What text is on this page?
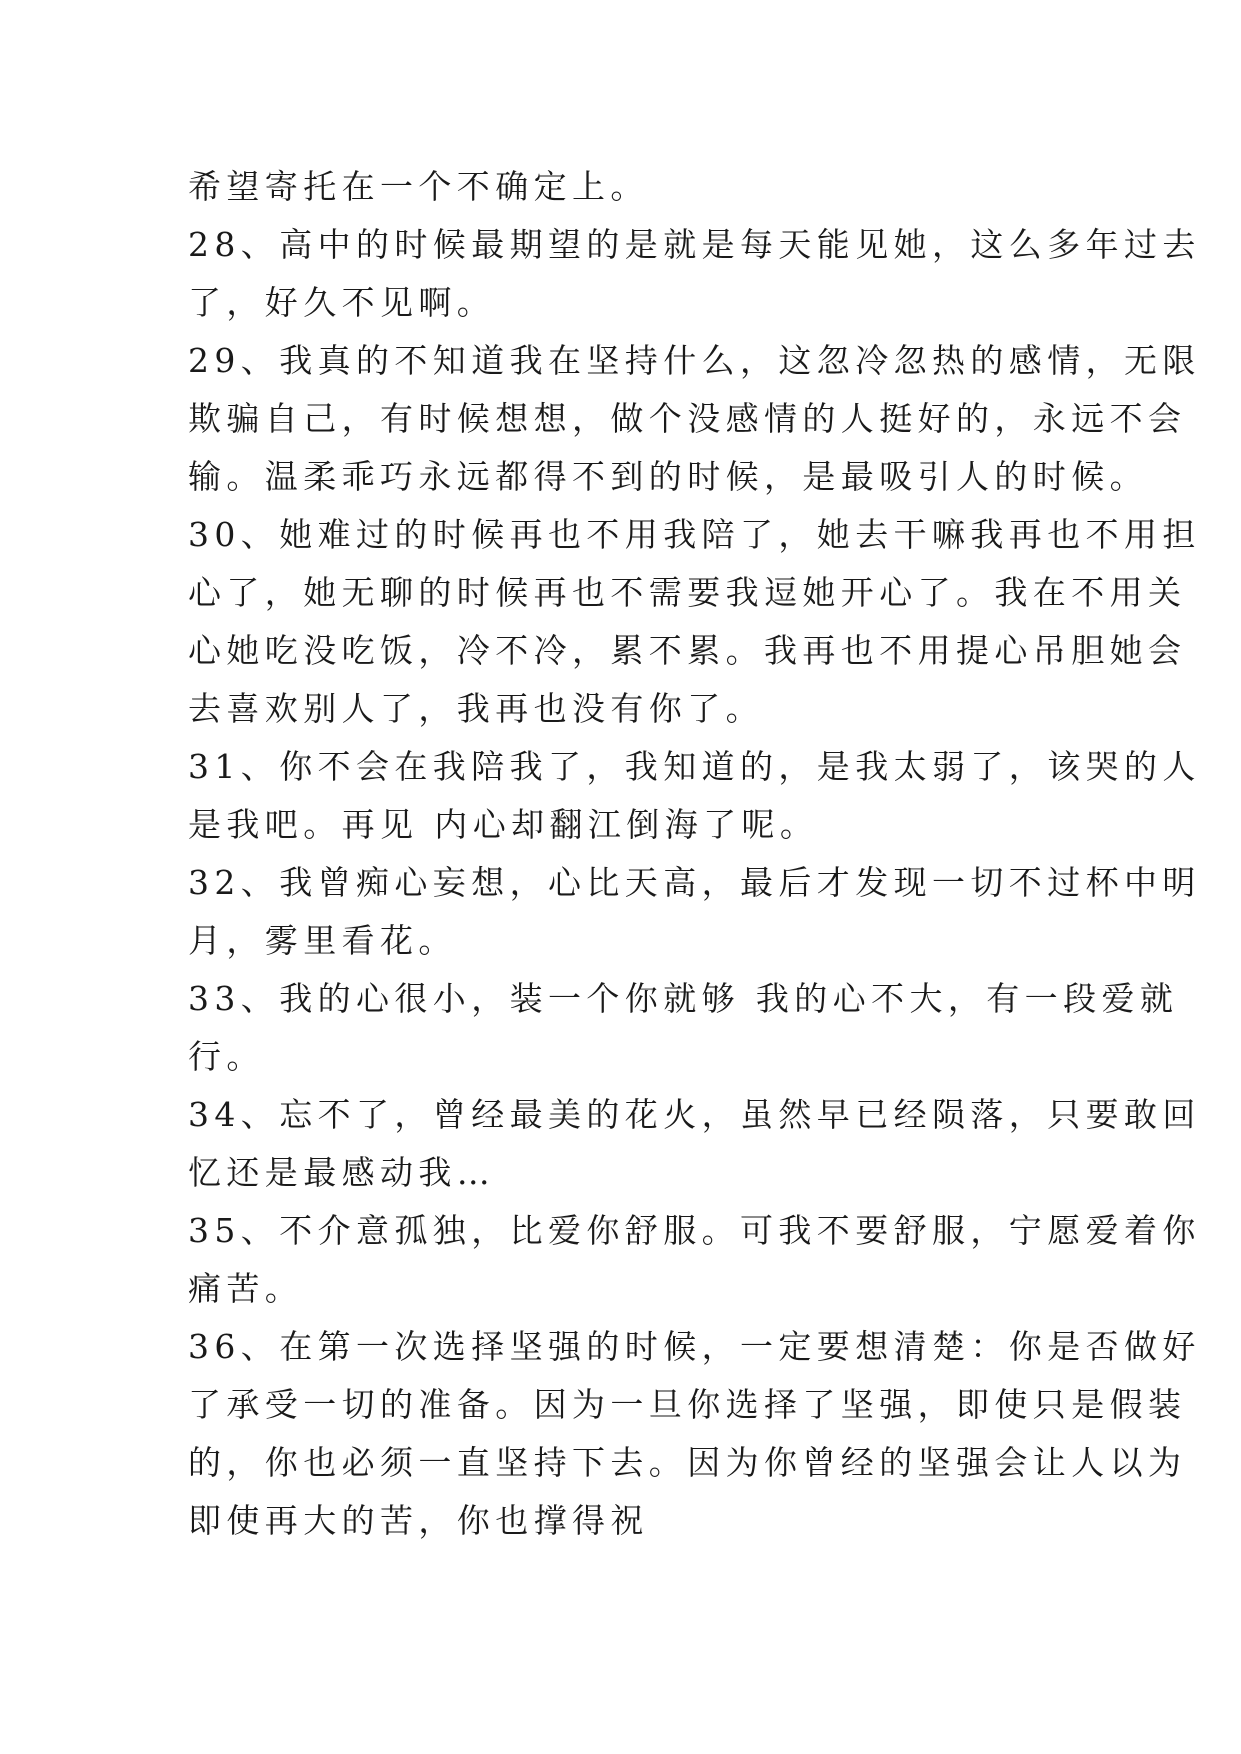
希望寄托在一个不确定上。
28、高中的时候最期望的是就是每天能见她，这么多年过去
了，好久不见啊。
29、我真的不知道我在坚持什么，这忽冷忽热的感情，无限
欺骗自己，有时候想想，做个没感情的人挺好的，永远不会
输。温柔乖巧永远都得不到的时候，是最吸引人的时候。
30、她难过的时候再也不用我陪了，她去干嘛我再也不用担
心了，她无聊的时候再也不需要我逗她开心了。我在不用关
心她吃没吃饭，冷不冷，累不累。我再也不用提心吊胆她会
去喜欢别人了，我再也没有你了。
31、你不会在我陪我了，我知道的，是我太弱了，该哭的人
是我吧。再见 内心却翻江倒海了呢。
32、我曾痴心妄想，心比天高，最后才发现一切不过杯中明
月，雾里看花。
33、我的心很小，装一个你就够 我的心不大，有一段爱就
行。
34、忘不了，曾经最美的花火，虽然早已经陨落，只要敢回
忆还是最感动我…
35、不介意孤独，比爱你舒服。可我不要舒服，宁愿爱着你
痛苦。
36、在第一次选择坚强的时候，一定要想清楚：你是否做好
了承受一切的准备。因为一旦你选择了坚强，即使只是假装
的，你也必须一直坚持下去。因为你曾经的坚强会让人以为
即使再大的苦，你也撑得祝
